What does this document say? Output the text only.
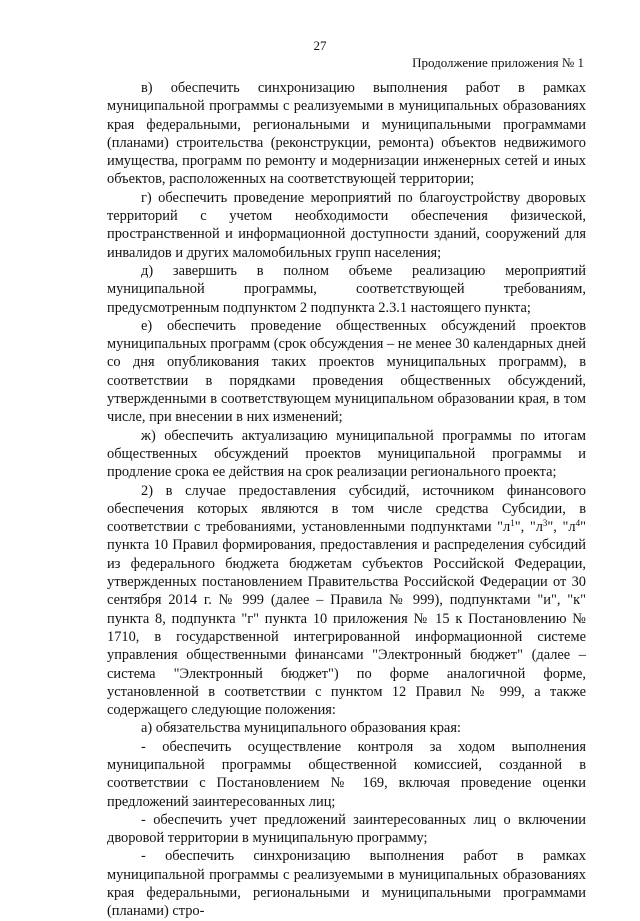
27
Продолжение приложения № 1

в) обеспечить синхронизацию выполнения работ в рамках муниципальной программы с реализуемыми в муниципальных образованиях края федеральными, региональными и муниципальными программами (планами) строительства (реконструкции, ремонта) объектов недвижимого имущества, программ по ремонту и модернизации инженерных сетей и иных объектов, расположенных на соответствующей территории;

г) обеспечить проведение мероприятий по благоустройству дворовых территорий с учетом необходимости обеспечения физической, пространственной и информационной доступности зданий, сооружений для инвалидов и других маломобильных групп населения;

д) завершить в полном объеме реализацию мероприятий муниципальной программы, соответствующей требованиям, предусмотренным подпунктом 2 подпункта 2.3.1 настоящего пункта;

е) обеспечить проведение общественных обсуждений проектов муниципальных программ (срок обсуждения – не менее 30 календарных дней со дня опубликования таких проектов муниципальных программ), в соответствии в порядками проведения общественных обсуждений, утвержденными в соответствующем муниципальном образовании края, в том числе, при внесении в них изменений;

ж) обеспечить актуализацию муниципальной программы по итогам общественных обсуждений проектов муниципальной программы и продление срока ее действия на срок реализации регионального проекта;

2) в случае предоставления субсидий, источником финансового обеспечения которых являются в том числе средства Субсидии, в соответствии с требованиями, установленными подпунктами "$л^1$", "$л^3$", "$л^4$" пункта 10 Правил формирования, предоставления и распределения субсидий из федерального бюджета бюджетам субъектов Российской Федерации, утвержденных постановлением Правительства Российской Федерации от 30 сентября 2014 г. № 999 (далее – Правила № 999), подпунктами "и", "к" пункта 8, подпункта "г" пункта 10 приложения № 15 к Постановлению № 1710, в государственной интегрированной информационной системе управления общественными финансами "Электронный бюджет" (далее – система "Электронный бюджет") по форме аналогичной форме, установленной в соответствии с пунктом 12 Правил № 999, а также содержащего следующие положения:

а) обязательства муниципального образования края:

- обеспечить осуществление контроля за ходом выполнения муниципальной программы общественной комиссией, созданной в соответствии с Постановлением № 169, включая проведение оценки предложений заинтересованных лиц;

- обеспечить учет предложений заинтересованных лиц о включении дворовой территории в муниципальную программу;

- обеспечить синхронизацию выполнения работ в рамках муниципальной программы с реализуемыми в муниципальных образованиях края федеральными, региональными и муниципальными программами (планами) стро-
